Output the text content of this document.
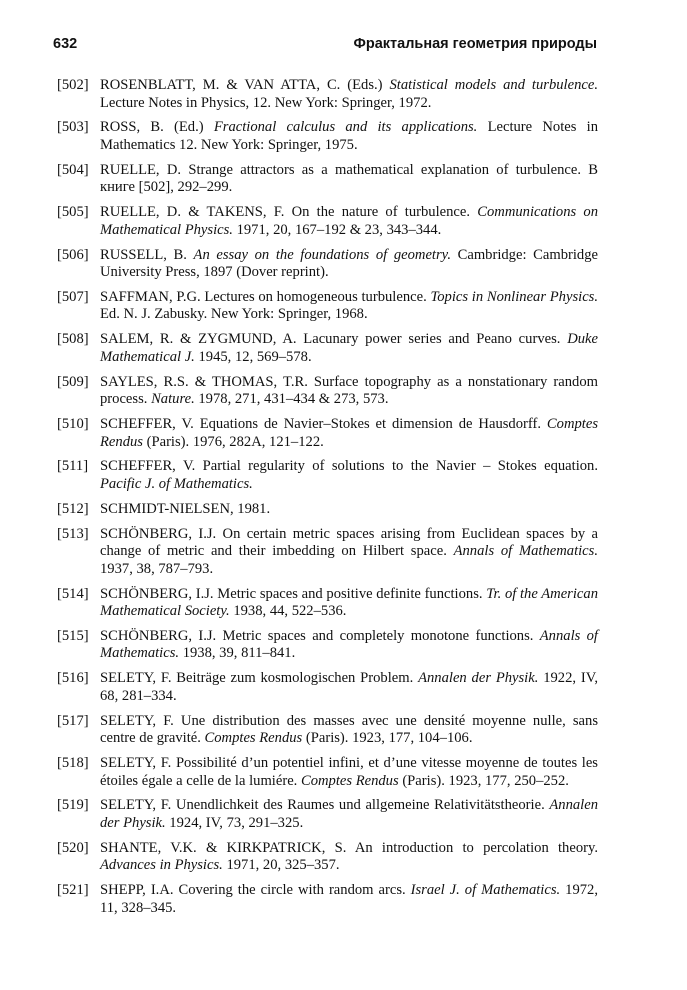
632	Фрактальная геометрия природы
[502] ROSENBLATT, M. & VAN ATTA, C. (Eds.) Statistical models and turbulence. Lecture Notes in Physics, 12. New York: Springer, 1972.
[503] ROSS, B. (Ed.) Fractional calculus and its applications. Lecture Notes in Mathematics 12. New York: Springer, 1975.
[504] RUELLE, D. Strange attractors as a mathematical explanation of turbulence. В книге [502], 292–299.
[505] RUELLE, D. & TAKENS, F. On the nature of turbulence. Communications on Mathematical Physics. 1971, 20, 167–192 & 23, 343–344.
[506] RUSSELL, B. An essay on the foundations of geometry. Cambridge: Cambridge University Press, 1897 (Dover reprint).
[507] SAFFMAN, P.G. Lectures on homogeneous turbulence. Topics in Nonlinear Physics. Ed. N. J. Zabusky. New York: Springer, 1968.
[508] SALEM, R. & ZYGMUND, A. Lacunary power series and Peano curves. Duke Mathematical J. 1945, 12, 569–578.
[509] SAYLES, R.S. & THOMAS, T.R. Surface topography as a nonstationary random process. Nature. 1978, 271, 431–434 & 273, 573.
[510] SCHEFFER, V. Equations de Navier–Stokes et dimension de Hausdorff. Comptes Rendus (Paris). 1976, 282A, 121–122.
[511] SCHEFFER, V. Partial regularity of solutions to the Navier – Stokes equation. Pacific J. of Mathematics.
[512] SCHMIDT-NIELSEN, 1981.
[513] SCHÖNBERG, I.J. On certain metric spaces arising from Euclidean spaces by a change of metric and their imbedding on Hilbert space. Annals of Mathematics. 1937, 38, 787–793.
[514] SCHÖNBERG, I.J. Metric spaces and positive definite functions. Tr. of the American Mathematical Society. 1938, 44, 522–536.
[515] SCHÖNBERG, I.J. Metric spaces and completely monotone functions. Annals of Mathematics. 1938, 39, 811–841.
[516] SELETY, F. Beiträge zum kosmologischen Problem. Annalen der Physik. 1922, IV, 68, 281–334.
[517] SELETY, F. Une distribution des masses avec une densité moyenne nulle, sans centre de gravité. Comptes Rendus (Paris). 1923, 177, 104–106.
[518] SELETY, F. Possibilité d’un potentiel infini, et d’une vitesse moyenne de toutes les étoiles égale a celle de la lumiére. Comptes Rendus (Paris). 1923, 177, 250–252.
[519] SELETY, F. Unendlichkeit des Raumes und allgemeine Relativitätstheorie. Annalen der Physik. 1924, IV, 73, 291–325.
[520] SHANTE, V.K. & KIRKPATRICK, S. An introduction to percolation theory. Advances in Physics. 1971, 20, 325–357.
[521] SHEPP, I.A. Covering the circle with random arcs. Israel J. of Mathematics. 1972, 11, 328–345.
